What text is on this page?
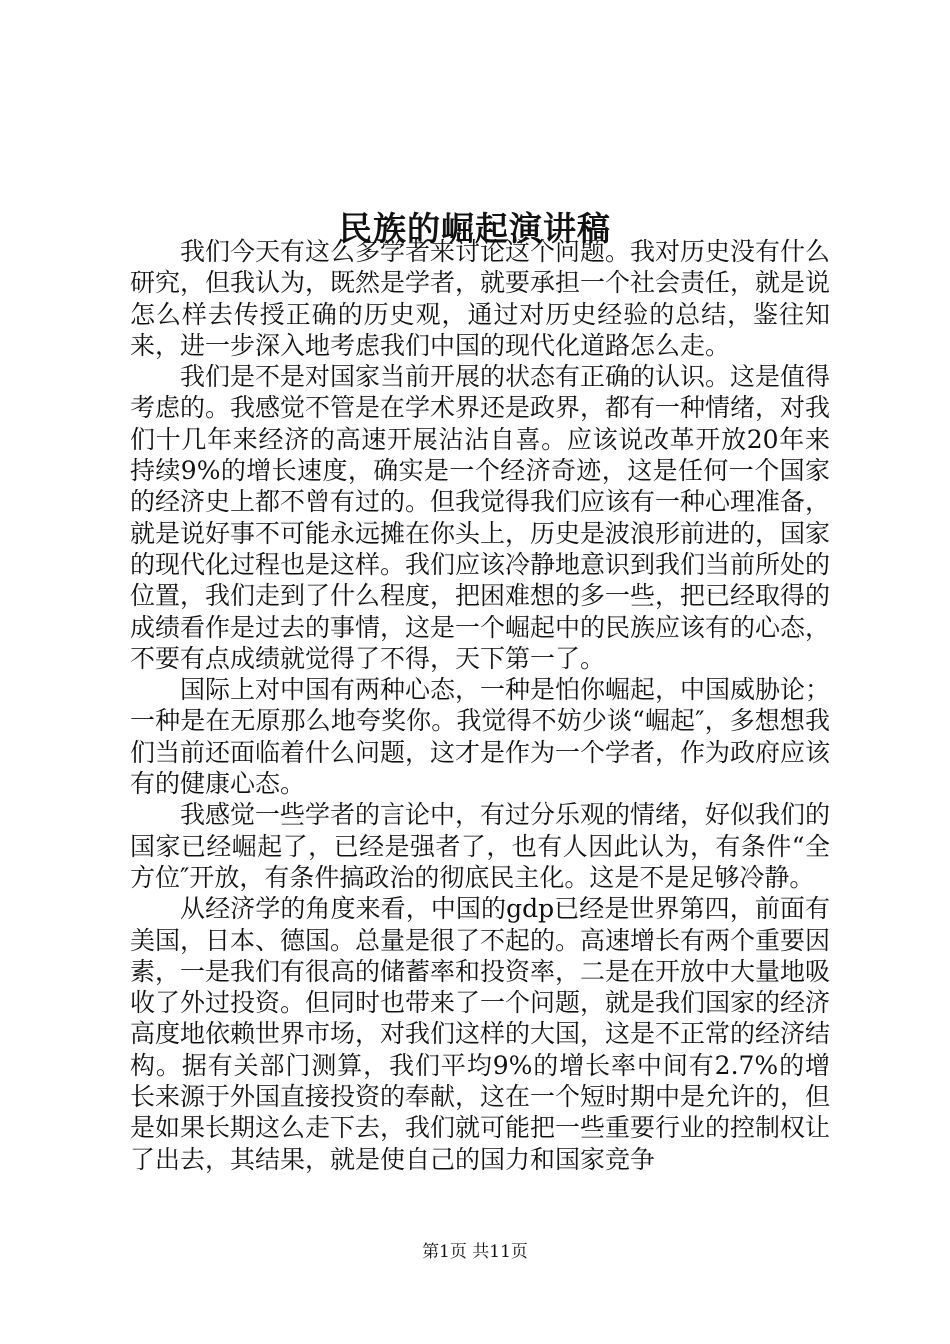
民族的崛起演讲稿

我们今天有这么多学者来讨论这个问题。我对历史没有什么研究，但我认为，既然是学者，就要承担一个社会责任，就是说怎么样去传授正确的历史观，通过对历史经验的总结，鉴往知来，进一步深入地考虑我们中国的现代化道路怎么走。

我们是不是对国家当前开展的状态有正确的认识。这是值得考虑的。我感觉不管是在学术界还是政界，都有一种情绪，对我们十几年来经济的高速开展沾沾自喜。应该说改革开放20年来持续9%的增长速度，确实是一个经济奇迹，这是任何一个国家的经济史上都不曾有过的。但我觉得我们应该有一种心理准备，就是说好事不可能永远摊在你头上，历史是波浪形前进的，国家的现代化过程也是这样。我们应该冷静地意识到我们当前所处的位置，我们走到了什么程度，把困难想的多一些，把已经取得的成绩看作是过去的事情，这是一个崛起中的民族应该有的心态，不要有点成绩就觉得了不得，天下第一了。

国际上对中国有两种心态，一种是怕你崛起，中国威胁论；一种是在无原那么地夸奖你。我觉得不妨少谈“崛起″，多想想我们当前还面临着什么问题，这才是作为一个学者，作为政府应该有的健康心态。

我感觉一些学者的言论中，有过分乐观的情绪，好似我们的国家已经崛起了，已经是强者了，也有人因此认为，有条件“全方位″开放，有条件搞政治的彻底民主化。这是不是足够冷静。

从经济学的角度来看，中国的gdp已经是世界第四，前面有美国，日本、德国。总量是很了不起的。高速增长有两个重要因素，一是我们有很高的储蓄率和投资率，二是在开放中大量地吸收了外过投资。但同时也带来了一个问题，就是我们国家的经济高度地依赖世界市场，对我们这样的大国，这是不正常的经济结构。据有关部门测算，我们平均9%的增长率中间有2.7%的增长来源于外国直接投资的奉献，这在一个短时期中是允许的，但是如果长期这么走下去，我们就可能把一些重要行业的控制权让了出去，其结果，就是使自己的国力和国家竞争

第1页 共11页
